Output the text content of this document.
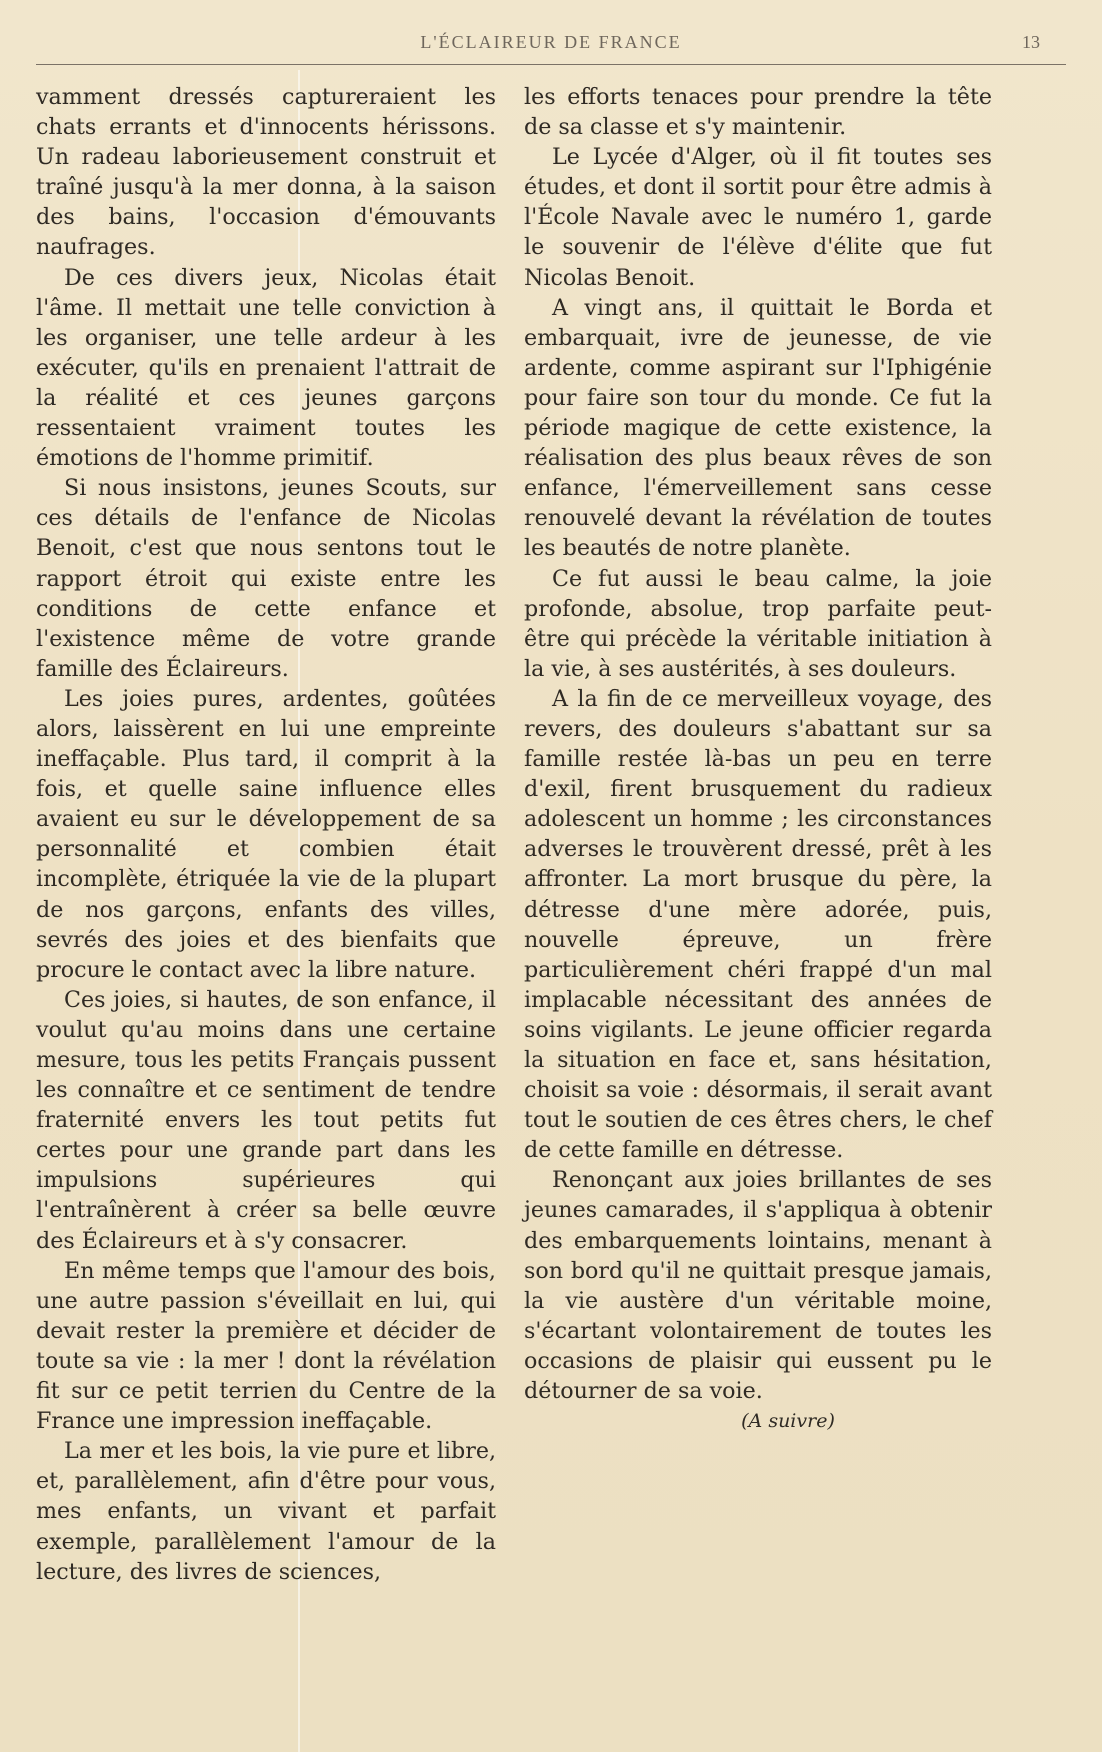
L'ÉCLAIREUR DE FRANCE	13

vamment dressés captureraient les chats errants et d'innocents hérissons. Un radeau laborieusement construit et traîné jusqu'à la mer donna, à la saison des bains, l'occasion d'émouvants naufrages.

De ces divers jeux, Nicolas était l'âme. Il mettait une telle conviction à les organiser, une telle ardeur à les exécuter, qu'ils en prenaient l'attrait de la réalité et ces jeunes garçons ressentaient vraiment toutes les émotions de l'homme primitif.

Si nous insistons, jeunes Scouts, sur ces détails de l'enfance de Nicolas Benoit, c'est que nous sentons tout le rapport étroit qui existe entre les conditions de cette enfance et l'existence même de votre grande famille des Éclaireurs.

Les joies pures, ardentes, goûtées alors, laissèrent en lui une empreinte ineffaçable. Plus tard, il comprit à la fois, et quelle saine influence elles avaient eu sur le développement de sa personnalité et combien était incomplète, étriquée la vie de la plupart de nos garçons, enfants des villes, sevrés des joies et des bienfaits que procure le contact avec la libre nature.

Ces joies, si hautes, de son enfance, il voulut qu'au moins dans une certaine mesure, tous les petits Français pussent les connaître et ce sentiment de tendre fraternité envers les tout petits fut certes pour une grande part dans les impulsions supérieures qui l'entraînèrent à créer sa belle œuvre des Éclaireurs et à s'y consacrer.

En même temps que l'amour des bois, une autre passion s'éveillait en lui, qui devait rester la première et décider de toute sa vie : la mer ! dont la révélation fit sur ce petit terrien du Centre de la France une impression ineffaçable.

La mer et les bois, la vie pure et libre, et, parallèlement, afin d'être pour vous, mes enfants, un vivant et parfait exemple, parallèlement l'amour de la lecture, des livres de sciences,

les efforts tenaces pour prendre la tête de sa classe et s'y maintenir.

Le Lycée d'Alger, où il fit toutes ses études, et dont il sortit pour être admis à l'École Navale avec le numéro 1, garde le souvenir de l'élève d'élite que fut Nicolas Benoit.

A vingt ans, il quittait le Borda et embarquait, ivre de jeunesse, de vie ardente, comme aspirant sur l'Iphigénie pour faire son tour du monde. Ce fut la période magique de cette existence, la réalisation des plus beaux rêves de son enfance, l'émerveillement sans cesse renouvelé devant la révélation de toutes les beautés de notre planète.

Ce fut aussi le beau calme, la joie profonde, absolue, trop parfaite peut-être qui précède la véritable initiation à la vie, à ses austérités, à ses douleurs.

A la fin de ce merveilleux voyage, des revers, des douleurs s'abattant sur sa famille restée là-bas un peu en terre d'exil, firent brusquement du radieux adolescent un homme ; les circonstances adverses le trouvèrent dressé, prêt à les affronter. La mort brusque du père, la détresse d'une mère adorée, puis, nouvelle épreuve, un frère particulièrement chéri frappé d'un mal implacable nécessitant des années de soins vigilants. Le jeune officier regarda la situation en face et, sans hésitation, choisit sa voie : désormais, il serait avant tout le soutien de ces êtres chers, le chef de cette famille en détresse.

Renonçant aux joies brillantes de ses jeunes camarades, il s'appliqua à obtenir des embarquements lointains, menant à son bord qu'il ne quittait presque jamais, la vie austère d'un véritable moine, s'écartant volontairement de toutes les occasions de plaisir qui eussent pu le détourner de sa voie.

(A suivre)
